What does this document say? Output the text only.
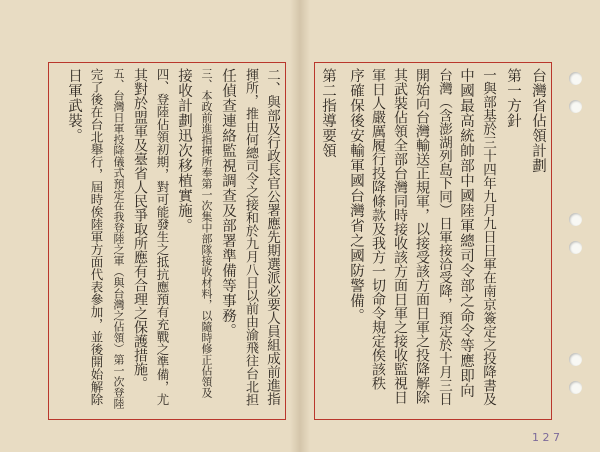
台灣省佔領計劃
第一方針
一與部基於三十四年九月九日日軍在南京簽定之投降書及
中國最高統帥部中國陸軍總司令部之命令等應即向
台灣（含澎湖列島下同）日軍接洽受降，預定於十月三日
開始向台灣輸送正規軍，以接受該方面日軍之投降解除
其武裝佔領全部台灣同時接收該方面日軍之接收監視日
軍日人嚴厲履行投降條款及我方一切命令規定俟該秩
序確保後安輸軍國台灣省之國防警備。
第二指導要領
二、與部及行政長官公署應先期選派必要人員組成前進指
揮所，推由何總司令之接和於九月八日以前由渝飛往台北担
任偵查連絡監視調查及部署準備等事務。
三、本政前進指揮所奉第一次集中部隊接收材料，以隨時修正佔領及
接收計劃迅次移植實施。
四、登陸佔領初期，對可能發生之抵抗應預有充戰之準備，尤
其對於盟軍及臺省人民爭取所應有合理之保護措施。
五、台灣日軍投降儀式預定在我登陸之軍（與台灣之佔領）第一次登陸
完了後在台北舉行，屆時俟陸軍方面代表參加，並後開始解除
日軍武裝。
1 2 7
